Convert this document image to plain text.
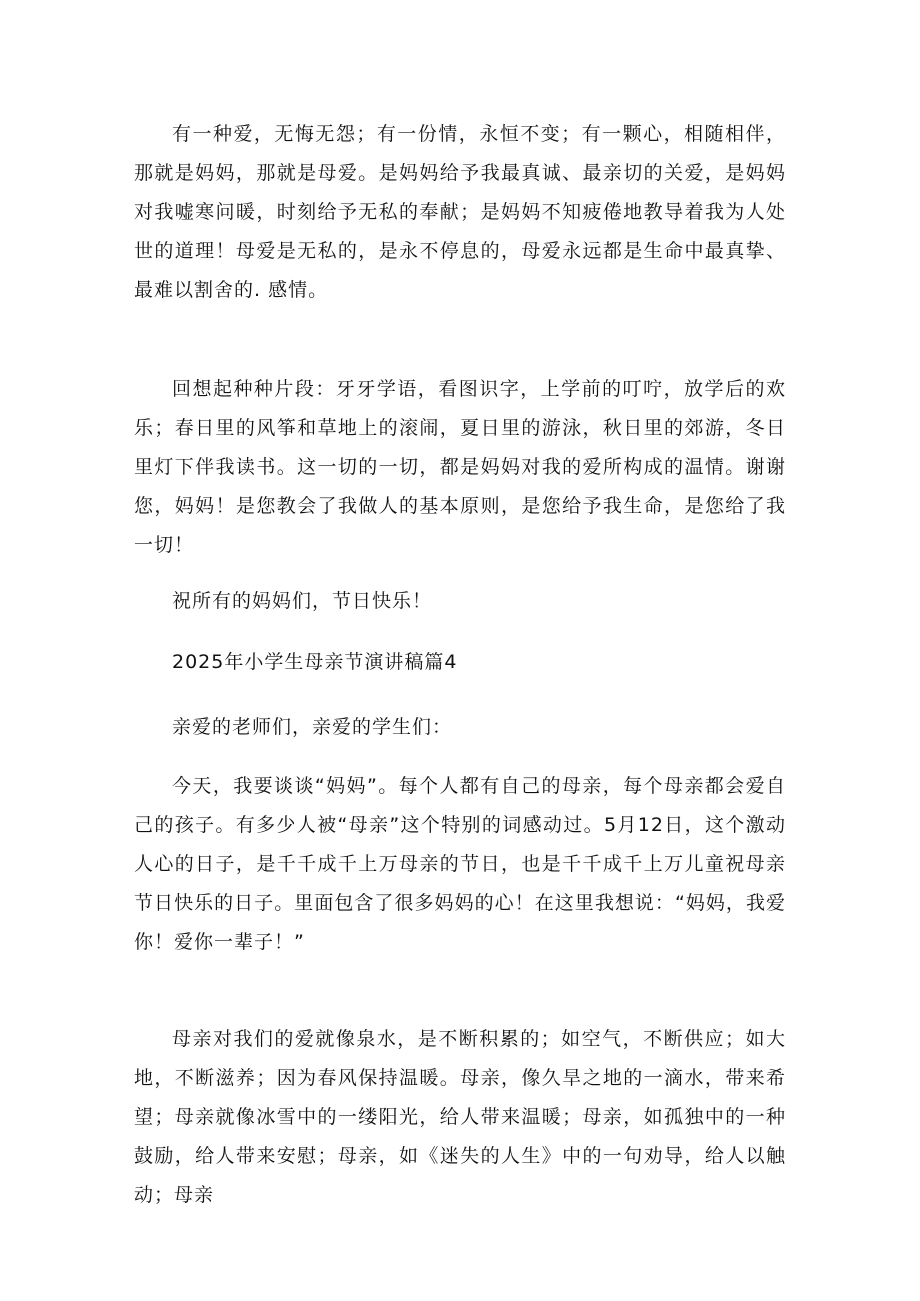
有一种爱，无悔无怨；有一份情，永恒不变；有一颗心，相随相伴，那就是妈妈，那就是母爱。是妈妈给予我最真诚、最亲切的关爱，是妈妈对我嘘寒问暖，时刻给予无私的奉献；是妈妈不知疲倦地教导着我为人处世的道理！母爱是无私的，是永不停息的，母爱永远都是生命中最真挚、最难以割舍的. 感情。

回想起种种片段：牙牙学语，看图识字，上学前的叮咛，放学后的欢乐；春日里的风筝和草地上的滚闹，夏日里的游泳，秋日里的郊游，冬日里灯下伴我读书。这一切的一切，都是妈妈对我的爱所构成的温情。谢谢您，妈妈！是您教会了我做人的基本原则，是您给予我生命，是您给了我一切！

祝所有的妈妈们，节日快乐！

2025年小学生母亲节演讲稿篇4

亲爱的老师们，亲爱的学生们：

今天，我要谈谈“妈妈”。每个人都有自己的母亲，每个母亲都会爱自己的孩子。有多少人被“母亲”这个特别的词感动过。5月12日，这个激动人心的日子，是千千成千上万母亲的节日，也是千千成千上万儿童祝母亲节日快乐的日子。里面包含了很多妈妈的心！在这里我想说：“妈妈，我爱你！爱你一辈子！”

母亲对我们的爱就像泉水，是不断积累的；如空气，不断供应；如大地，不断滋养；因为春风保持温暖。母亲，像久旱之地的一滴水，带来希望；母亲就像冰雪中的一缕阳光，给人带来温暖；母亲，如孤独中的一种鼓励，给人带来安慰；母亲，如《迷失的人生》中的一句劝导，给人以触动；母亲
